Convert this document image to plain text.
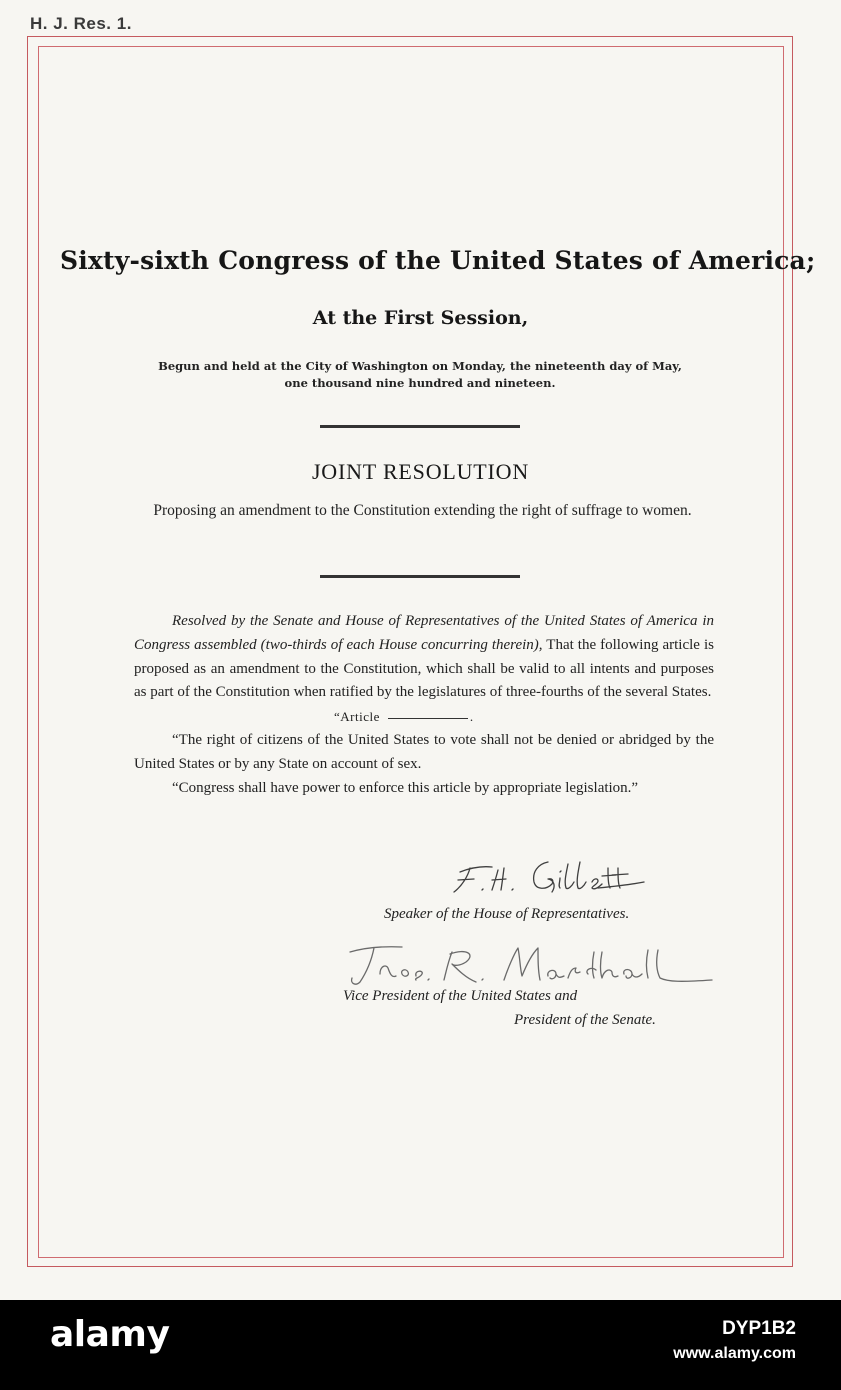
H. J. Res. 1.
Sixty-sixth Congress of the United States of America;
At the First Session,
Begun and held at the City of Washington on Monday, the nineteenth day of May,
one thousand nine hundred and nineteen.
JOINT RESOLUTION
Proposing an amendment to the Constitution extending the right of suffrage to women.

Resolved by the Senate and House of Representatives of the United States of America in Congress assembled (two-thirds of each House concurring therein), That the following article is proposed as an amendment to the Constitution, which shall be valid to all intents and purposes as part of the Constitution when ratified by the legislatures of three-fourths of the several States.

“Article	.

“The right of citizens of the United States to vote shall not be denied or abridged by the United States or by any State on account of sex.

“Congress shall have power to enforce this article by appropriate legislation.”

Speaker of the House of Representatives.
Vice President of the United States and
President of the Senate.
alamy	DYP1B2
www.alamy.com
